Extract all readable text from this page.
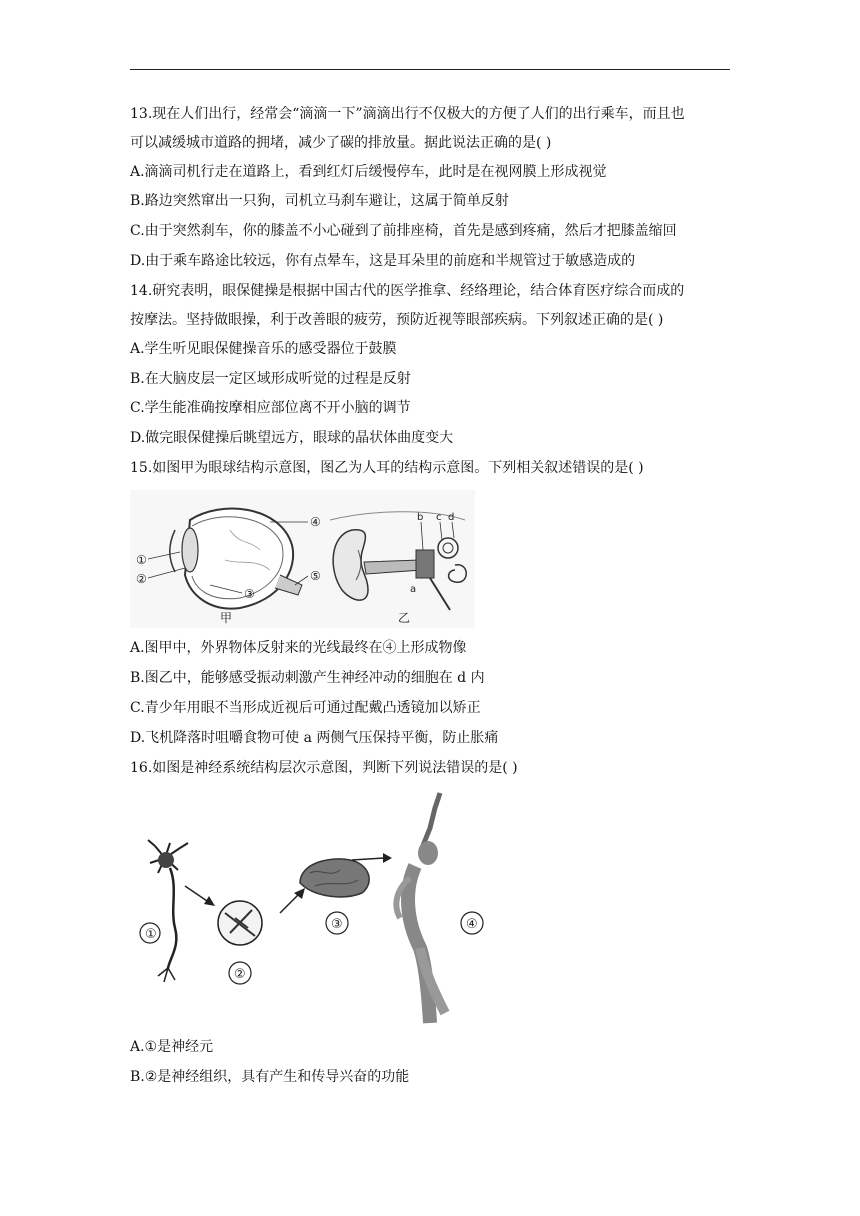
13.现在人们出行，经常会“滴滴一下”滴滴出行不仅极大的方便了人们的出行乘车，而且也
可以减缓城市道路的拥堵，减少了碳的排放量。据此说法正确的是( )
A.滴滴司机行走在道路上，看到红灯后缓慢停车，此时是在视网膜上形成视觉
B.路边突然窜出一只狗，司机立马刹车避让，这属于简单反射
C.由于突然刹车，你的膝盖不小心碰到了前排座椅，首先是感到疼痛，然后才把膝盖缩回
D.由于乘车路途比较远，你有点晕车，这是耳朵里的前庭和半规管过于敏感造成的
14.研究表明，眼保健操是根据中国古代的医学推拿、经络理论，结合体育医疗综合而成的
按摩法。坚持做眼操，利于改善眼的疲劳，预防近视等眼部疾病。下列叙述正确的是( )
A.学生听见眼保健操音乐的感受器位于鼓膜
B.在大脑皮层一定区域形成听觉的过程是反射
C.学生能准确按摩相应部位离不开小脑的调节
D.做完眼保健操后眺望远方，眼球的晶状体曲度变大
15.如图甲为眼球结构示意图，图乙为人耳的结构示意图。下列相关叙述错误的是( )
①
②
③
④
⑤
甲
b c d
a
乙
A.图甲中，外界物体反射来的光线最终在④上形成物像
B.图乙中，能够感受振动刺激产生神经冲动的细胞在 d 内
C.青少年用眼不当形成近视后可通过配戴凸透镜加以矫正
D.飞机降落时咀嚼食物可使 a 两侧气压保持平衡，防止胀痛
16.如图是神经系统结构层次示意图，判断下列说法错误的是( )
①
②
③	④
A.①是神经元
B.②是神经组织，具有产生和传导兴奋的功能
